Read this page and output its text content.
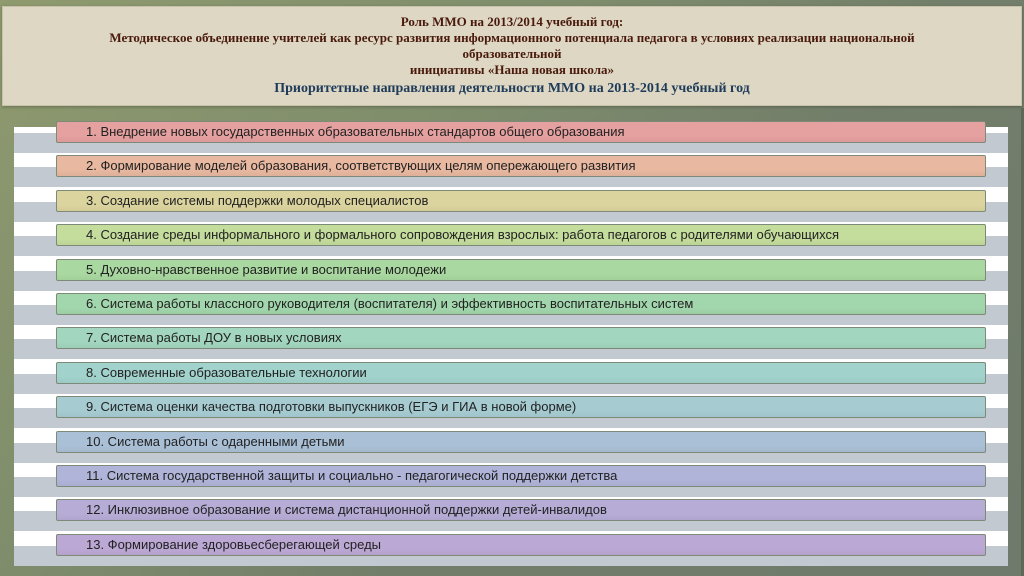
Роль ММО на 2013/2014 учебный год:
Методическое объединение учителей как ресурс развития информационного потенциала педагога в условиях реализации национальной
образовательной
инициативы «Наша новая школа»
Приоритетные направления деятельности ММО на 2013-2014 учебный год
1. Внедрение новых государственных образовательных стандартов общего образования
2. Формирование моделей образования, соответствующих целям опережающего развития
3. Создание системы поддержки молодых специалистов
4. Создание среды информального и формального сопровождения взрослых: работа педагогов с родителями обучающихся
5. Духовно-нравственное развитие и воспитание молодежи
6. Система работы классного руководителя (воспитателя) и эффективность воспитательных систем
7. Система работы ДОУ в новых условиях
8. Современные образовательные технологии
9. Система оценки качества подготовки выпускников (ЕГЭ и ГИА в новой форме)
10. Система работы с одаренными детьми
11. Система государственной защиты и социально - педагогической поддержки детства
12. Инклюзивное образование и система дистанционной поддержки детей-инвалидов
13. Формирование здоровьесберегающей среды
